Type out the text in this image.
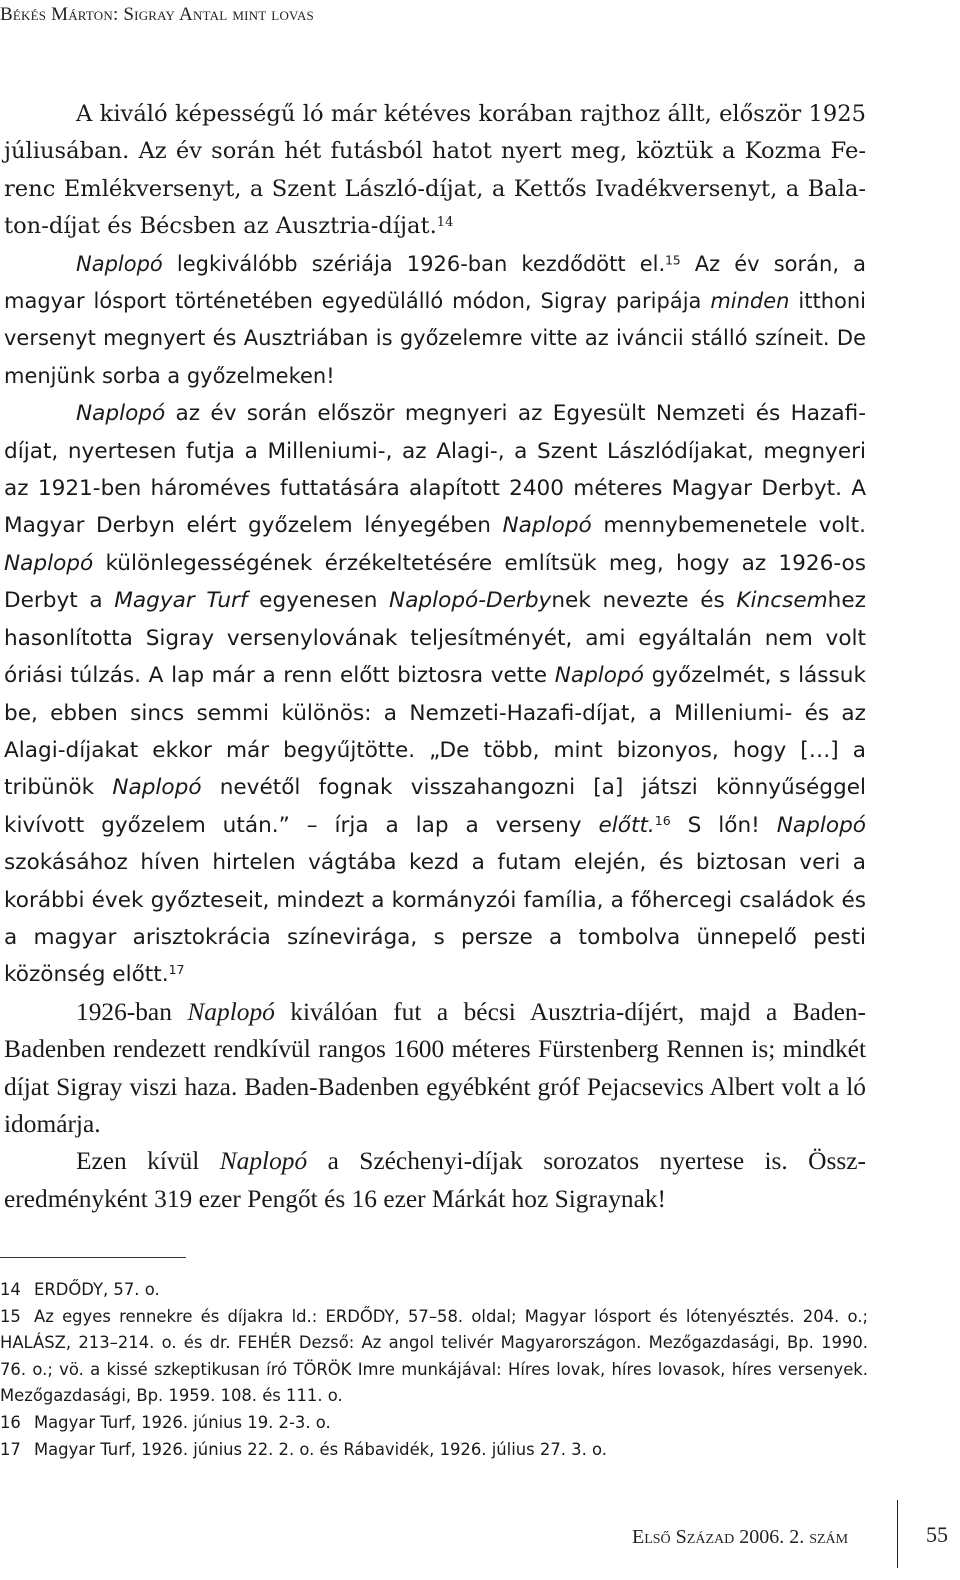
Békés Márton: Sigray Antal mint lovas

A kiváló képességű ló már kétéves korában rajthoz állt, először 1925 júliusában. Az év során hét futásból hatot nyert meg, köztük a Kozma Ferenc Emlékversenyt, a Szent László-díjat, a Kettős Ivadékversenyt, a Balaton-díjat és Bécsben az Ausztria-díjat.$^{14}$

Naplopó legkiválóbb szériája 1926-ban kezdődött el.$^{15}$ Az év során, a magyar lósport történetében egyedülálló módon, Sigray paripája minden itthoni versenyt megnyert és Ausztriában is győzelemre vitte az iváncii stálló színeit. De menjünk sorba a győzelmeken!

Naplopó az év során először megnyeri az Egyesült Nemzeti és Hazafi-díjat, nyertesen futja a Milleniumi-, az Alagi-, a Szent Lászlódíjakat, megnyeri az 1921-ben hároméves futtatására alapított 2400 méteres Magyar Derbyt. A Magyar Derbyn elért győzelem lényegében Naplopó mennybemenetele volt. Naplopó különlegességének érzékeltetésére említsük meg, hogy az 1926-os Derbyt a Magyar Turf egyenesen Naplopó-Derbynek nevezte és Kincsemhez hasonlította Sigray versenylovának teljesítményét, ami egyáltalán nem volt óriási túlzás. A lap már a renn előtt biztosra vette Naplopó győzelmét, s lássuk be, ebben sincs semmi különös: a Nemzeti-Hazafi-díjat, a Milleniumi- és az Alagi-díjakat ekkor már begyűjtötte. „De több, mint bizonyos, hogy […] a tribünök Naplopó nevétől fognak visszahangozni [a] játszi könnyűséggel kivívott győzelem után.” – írja a lap a verseny előtt.$^{16}$ S lőn! Naplopó szokásához híven hirtelen vágtába kezd a futam elején, és biztosan veri a korábbi évek győzteseit, mindezt a kormányzói família, a főhercegi családok és a magyar arisztokrácia színevirága, s persze a tombolva ünnepelő pesti közönség előtt.$^{17}$

1926-ban Naplopó kiválóan fut a bécsi Ausztria-díjért, majd a Baden-Badenben rendezett rendkívül rangos 1600 méteres Fürstenberg Rennen is; mindkét díjat Sigray viszi haza. Baden-Badenben egyébként gróf Pejacsevics Albert volt a ló idomárja.

Ezen kívül Naplopó a Széchenyi-díjak sorozatos nyertese is. Összeredményként 319 ezer Pengőt és 16 ezer Márkát hoz Sigraynak!

14 ERDŐDY, 57. o.
15 Az egyes rennekre és díjakra ld.: ERDŐDY, 57–58. oldal; Magyar lósport és lótenyésztés. 204. o.; HALÁSZ, 213–214. o. és dr. FEHÉR Dezső: Az angol telivér Magyarországon. Mezőgazdasági, Bp. 1990. 76. o.; vö. a kissé szkeptikusan író TÖRÖK Imre munkájával: Híres lovak, híres lovasok, híres versenyek. Mezőgazdasági, Bp. 1959. 108. és 111. o.
16 Magyar Turf, 1926. június 19. 2-3. o.
17 Magyar Turf, 1926. június 22. 2. o. és Rábavidék, 1926. július 27. 3. o.
Első Század 2006. 2. szám	55
